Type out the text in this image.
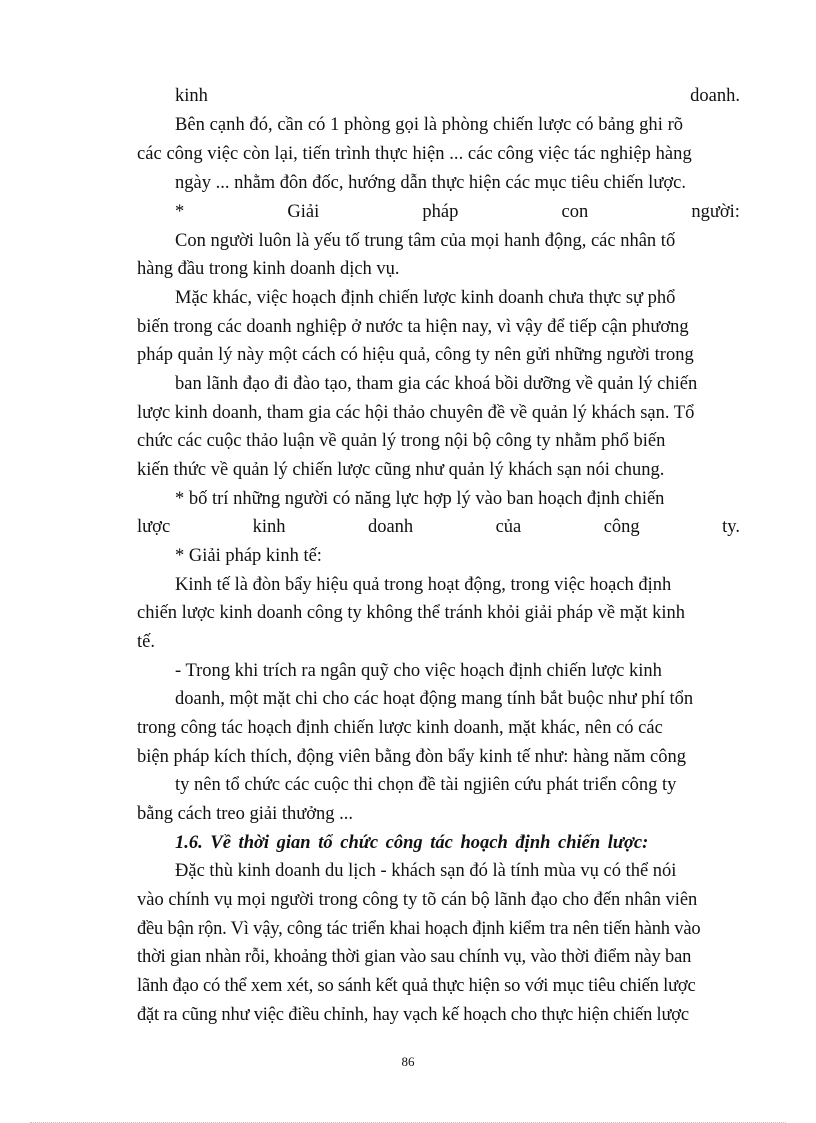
kinh	doanh.

Bên cạnh đó, cần có 1 phòng gọi là phòng chiến lược có bảng ghi rõ

các công việc còn lại, tiến trình thực hiện ... các công việc tác nghiệp hàng

ngày ... nhằm đôn đốc, hướng dẫn thực hiện các mục tiêu chiến lược.

*	Giải	pháp	con	người:

Con người luôn là yếu tố trung tâm của mọi hanh động, các nhân tố

hàng đầu trong kinh doanh dịch vụ.

Mặc khác, việc hoạch định chiến lược kinh doanh chưa thực sự phổ

biến trong các doanh nghiệp ở nước ta hiện nay, vì vậy để tiếp cận phương

pháp quản lý này một cách có hiệu quả, công ty nên gửi những người trong

ban lãnh đạo đi đào tạo, tham gia các khoá bồi dưỡng về quản lý chiến

lược kinh doanh, tham gia các hội thảo chuyên đề về quản lý khách sạn. Tổ

chức các cuộc thảo luận về quản lý trong nội bộ công ty nhằm phổ biến

kiến thức về quản lý chiến lược cũng như quản lý khách sạn nói chung.

* bố trí những người có năng lực hợp lý vào ban hoạch định chiến

lược	kinh	doanh	của	công	ty.

* Giải pháp kinh tế:

Kinh tế là đòn bẩy hiệu quả trong hoạt động, trong việc hoạch định

chiến lược kinh doanh công ty không thể tránh khỏi giải pháp về mặt kinh

tế.

- Trong khi trích ra ngân quỹ cho việc hoạch định chiến lược kinh

doanh, một mặt chi cho các hoạt động mang tính bắt buộc như phí tổn

trong công tác hoạch định chiến lược kinh doanh, mặt khác, nên có các

biện pháp kích thích, động viên bằng đòn bẩy kinh tế như: hàng năm công

ty nên tổ chức các cuộc thi chọn đề tài ngjiên cứu phát triển công ty

bằng cách treo giải thưởng ...

1.6. Về thời gian tổ chức công tác hoạch định chiến lược:

Đặc thù kinh doanh du lịch - khách sạn đó là tính mùa vụ có thể nói

vào chính vụ mọi người trong công ty tõ cán bộ lãnh đạo cho đến nhân viên

đều bận rộn. Vì vậy, công tác triển khai hoạch định kiểm tra nên tiến hành vào

thời gian nhàn rỗi, khoảng thời gian vào sau chính vụ, vào thời điểm này ban

lãnh đạo có thể xem xét, so sánh kết quả thực hiện so với mục tiêu chiến lược

đặt ra cũng như việc điều chỉnh, hay vạch kế hoạch cho thực hiện chiến lược

86
